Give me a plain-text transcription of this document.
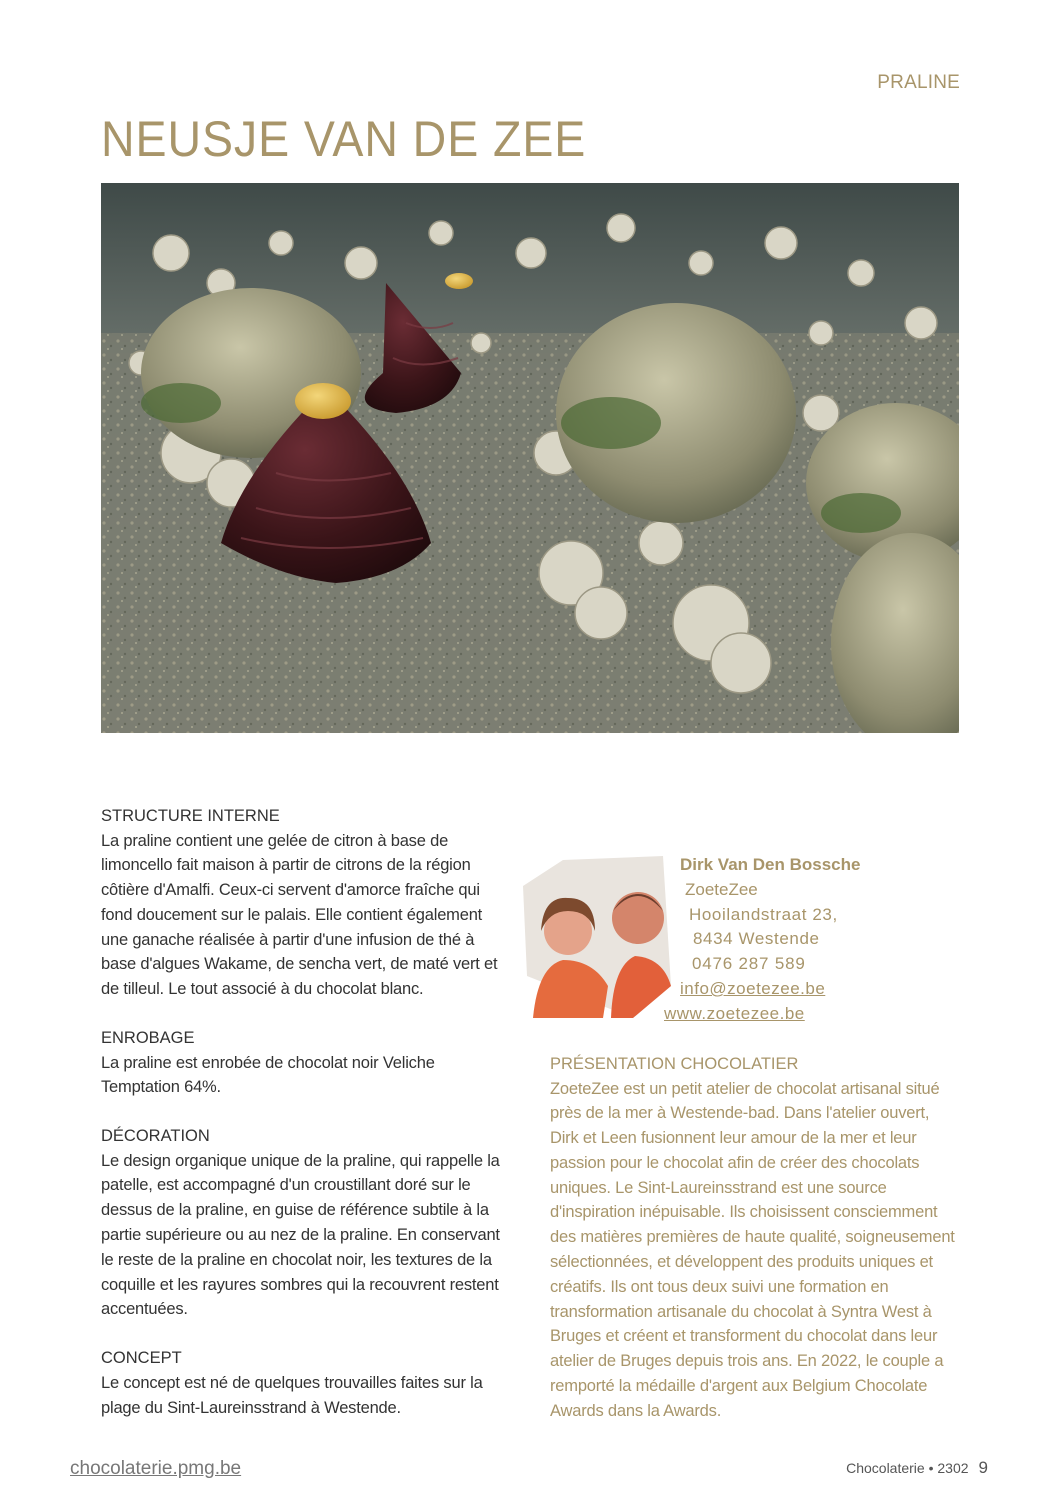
PRALINE
NEUSJE VAN DE ZEE
STRUCTURE INTERNE

La praline contient une gelée de citron à base de limoncello fait maison à partir de citrons de la région côtière d'Amalfi. Ceux-ci servent d'amorce fraîche qui fond doucement sur le palais. Elle contient également une ganache réalisée à partir d'une infusion de thé à base d'algues Wakame, de sencha vert, de maté vert et de tilleul. Le tout associé à du chocolat blanc.

ENROBAGE

La praline est enrobée de chocolat noir Veliche Temptation 64%.

DÉCORATION

Le design organique unique de la praline, qui rappelle la patelle, est accompagné d'un croustillant doré sur le dessus de la praline, en guise de référence subtile à la partie supérieure ou au nez de la praline. En conservant le reste de la praline en chocolat noir, les textures de la coquille et les rayures sombres qui la recouvrent restent accentuées.

CONCEPT

Le concept est né de quelques trouvailles faites sur la plage du Sint-Laureinsstrand à Westende.

Dirk Van Den Bossche
ZoeteZee
Hooilandstraat 23,
8434 Westende
0476 287 589
info@zoetezee.be
www.zoetezee.be
PRÉSENTATION CHOCOLATIER

ZoeteZee est un petit atelier de chocolat artisanal situé près de la mer à Westende-bad. Dans l'atelier ouvert, Dirk et Leen fusionnent leur amour de la mer et leur passion pour le chocolat afin de créer des chocolats uniques. Le Sint-Laureinsstrand est une source d'inspiration inépuisable. Ils choisissent consciemment des matières premières de haute qualité, soigneusement sélectionnées, et développent des produits uniques et créatifs. Ils ont tous deux suivi une formation en transformation artisanale du chocolat à Syntra West à Bruges et créent et transforment du chocolat dans leur atelier de Bruges depuis trois ans. En 2022, le couple a remporté la médaille d'argent aux Belgium Chocolate Awards dans la Awards.

chocolaterie.pmg.be	Chocolaterie • 2302 9
